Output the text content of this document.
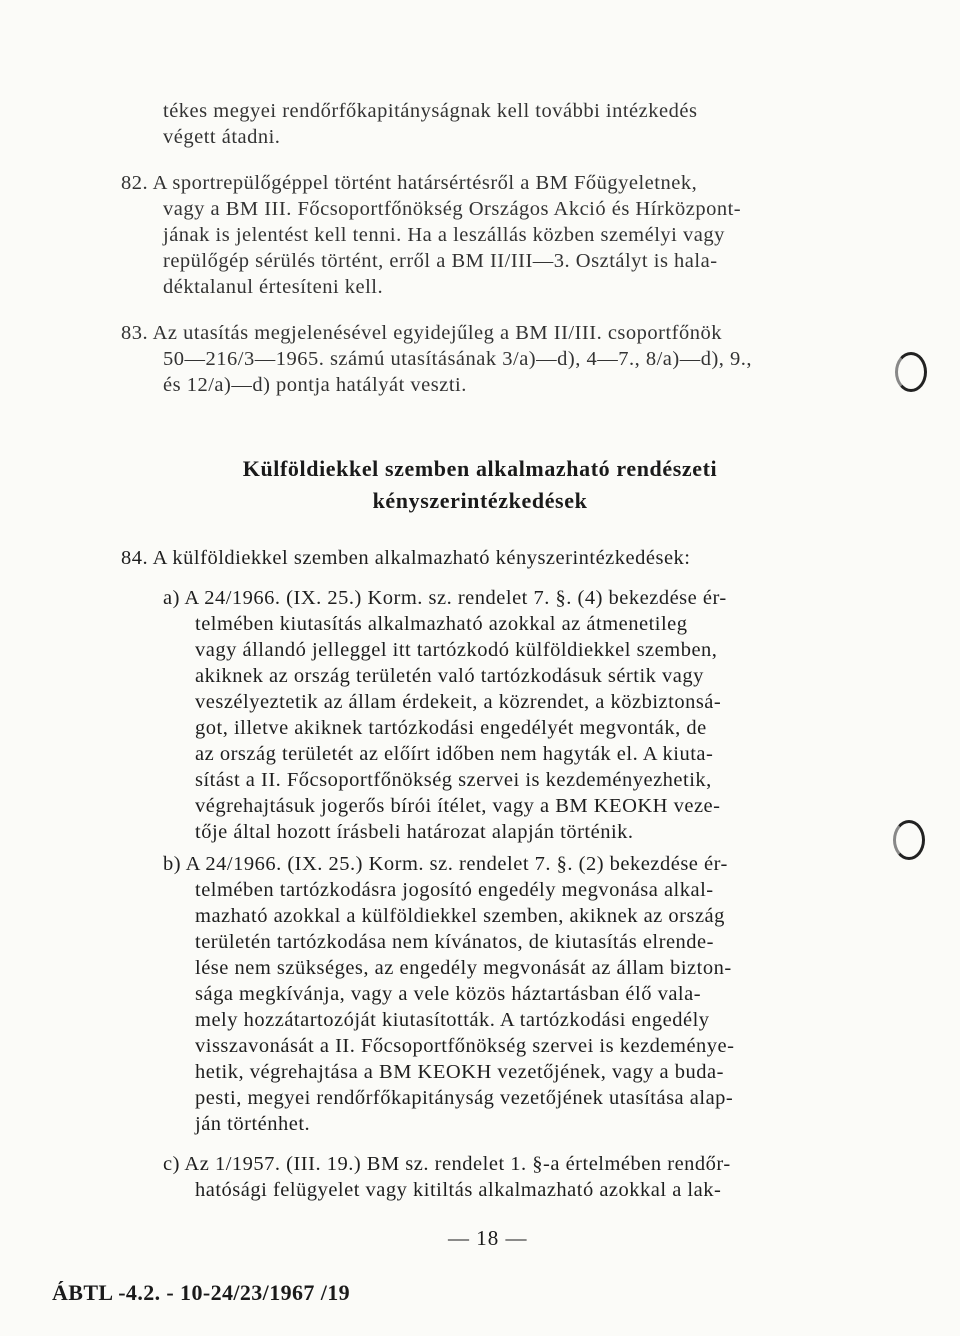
tékes megyei rendőrfőkapitányságnak kell további intézkedés
végett átadni.
82. A sportrepülőgéppel történt határsértésről a BM Főügyeletnek,
vagy a BM III. Főcsoportfőnökség Országos Akció és Hírközpont-
jának is jelentést kell tenni. Ha a leszállás közben személyi vagy
repülőgép sérülés történt, erről a BM II/III—3. Osztályt is hala-
déktalanul értesíteni kell.
83. Az utasítás megjelenésével egyidejűleg a BM II/III. csoportfőnök
50—216/3—1965. számú utasításának 3/a)—d), 4—7., 8/a)—d), 9.,
és 12/a)—d) pontja hatályát veszti.
Külföldiekkel szemben alkalmazható rendészeti
kényszerintézkedések
84. A külföldiekkel szemben alkalmazható kényszerintézkedések:
a) A 24/1966. (IX. 25.) Korm. sz. rendelet 7. §. (4) bekezdése ér-
telmében kiutasítás alkalmazható azokkal az átmenetileg
vagy állandó jelleggel itt tartózkodó külföldiekkel szemben,
akiknek az ország területén való tartózkodásuk sértik vagy
veszélyeztetik az állam érdekeit, a közrendet, a közbiztonsá-
got, illetve akiknek tartózkodási engedélyét megvonták, de
az ország területét az előírt időben nem hagyták el. A kiuta-
sítást a II. Főcsoportfőnökség szervei is kezdeményezhetik,
végrehajtásuk jogerős bírói ítélet, vagy a BM KEOKH veze-
tője által hozott írásbeli határozat alapján történik.
b) A 24/1966. (IX. 25.) Korm. sz. rendelet 7. §. (2) bekezdése ér-
telmében tartózkodásra jogosító engedély megvonása alkal-
mazható azokkal a külföldiekkel szemben, akiknek az ország
területén tartózkodása nem kívánatos, de kiutasítás elrende-
lése nem szükséges, az engedély megvonását az állam bizton-
sága megkívánja, vagy a vele közös háztartásban élő vala-
mely hozzátartozóját kiutasították. A tartózkodási engedély
visszavonását a II. Főcsoportfőnökség szervei is kezdeménye-
hetik, végrehajtása a BM KEOKH vezetőjének, vagy a buda-
pesti, megyei rendőrfőkapitányság vezetőjének utasítása alap-
ján történhet.
c) Az 1/1957. (III. 19.) BM sz. rendelet 1. §-a értelmében rendőr-
hatósági felügyelet vagy kitiltás alkalmazható azokkal a lak-
— 18 —
ÁBTL -4.2. - 10-24/23/1967 /19
